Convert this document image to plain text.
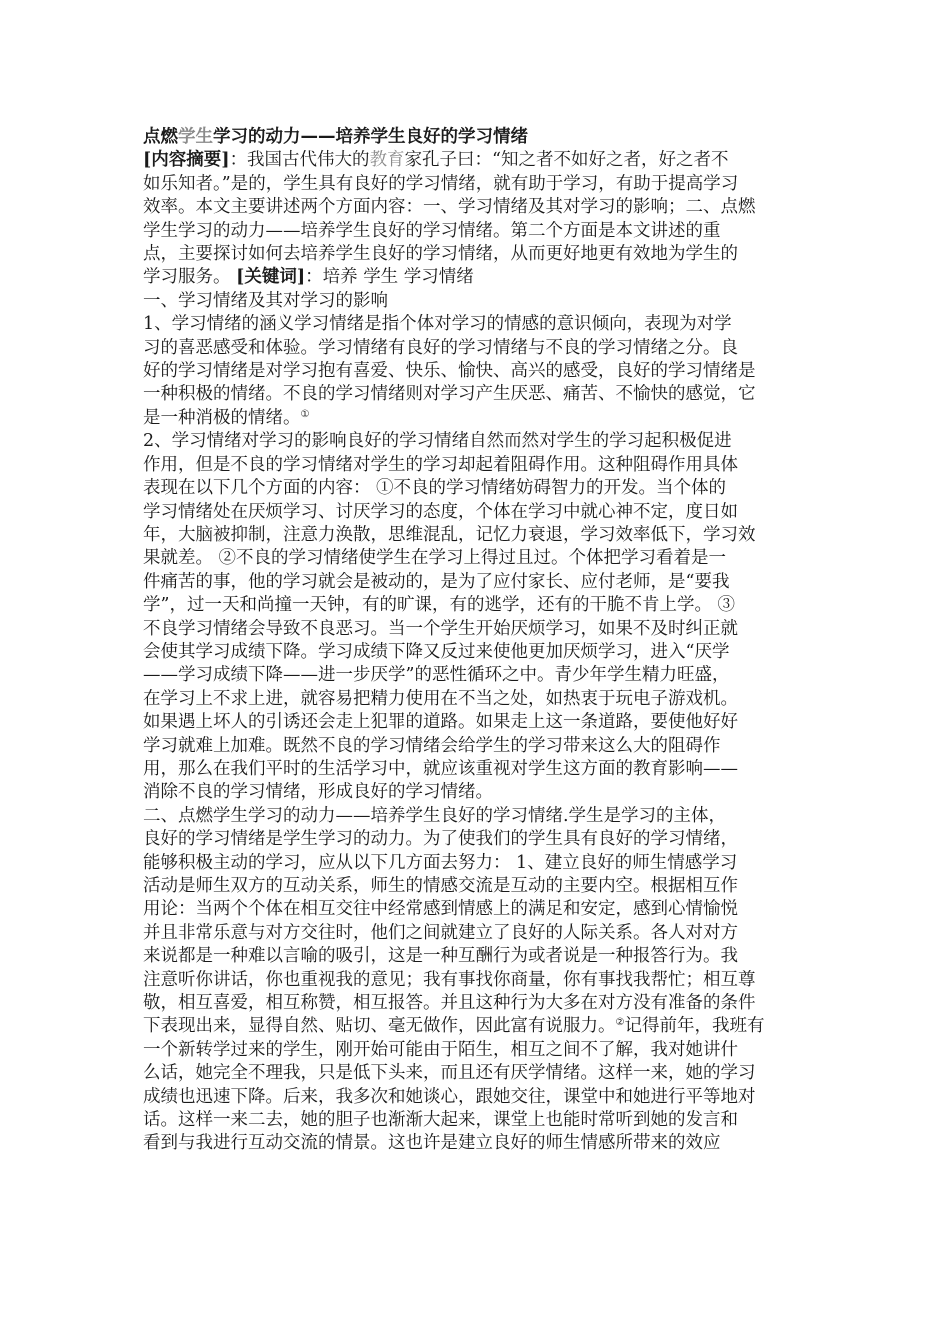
点燃学生学习的动力——培养学生良好的学习情绪
[内容摘要]：我国古代伟大的教育家孔子曰：“知之者不如好之者，好之者不
如乐知者。”是的，学生具有良好的学习情绪，就有助于学习，有助于提高学习
效率。本文主要讲述两个方面内容：一、学习情绪及其对学习的影响；二、点燃
学生学习的动力——培养学生良好的学习情绪。第二个方面是本文讲述的重
点，主要探讨如何去培养学生良好的学习情绪，从而更好地更有效地为学生的
学习服务。 [关键词]：培养 学生 学习情绪
一、学习情绪及其对学习的影响
1、学习情绪的涵义学习情绪是指个体对学习的情感的意识倾向，表现为对学
习的喜恶感受和体验。学习情绪有良好的学习情绪与不良的学习情绪之分。良
好的学习情绪是对学习抱有喜爱、快乐、愉快、高兴的感受，良好的学习情绪是
一种积极的情绪。不良的学习情绪则对学习产生厌恶、痛苦、不愉快的感觉，它
是一种消极的情绪。①
2、学习情绪对学习的影响良好的学习情绪自然而然对学生的学习起积极促进
作用，但是不良的学习情绪对学生的学习却起着阻碍作用。这种阻碍作用具体
表现在以下几个方面的内容： ①不良的学习情绪妨碍智力的开发。当个体的
学习情绪处在厌烦学习、讨厌学习的态度，个体在学习中就心神不定，度日如
年，大脑被抑制，注意力涣散，思维混乱，记忆力衰退，学习效率低下，学习效
果就差。 ②不良的学习情绪使学生在学习上得过且过。个体把学习看着是一
件痛苦的事，他的学习就会是被动的，是为了应付家长、应付老师，是“要我
学”，过一天和尚撞一天钟，有的旷课，有的逃学，还有的干脆不肯上学。 ③
不良学习情绪会导致不良恶习。当一个学生开始厌烦学习，如果不及时纠正就
会使其学习成绩下降。学习成绩下降又反过来使他更加厌烦学习，进入“厌学
——学习成绩下降——进一步厌学”的恶性循环之中。青少年学生精力旺盛，
在学习上不求上进，就容易把精力使用在不当之处，如热衷于玩电子游戏机。
如果遇上坏人的引诱还会走上犯罪的道路。如果走上这一条道路，要使他好好
学习就难上加难。既然不良的学习情绪会给学生的学习带来这么大的阻碍作
用，那么在我们平时的生活学习中，就应该重视对学生这方面的教育影响——
消除不良的学习情绪，形成良好的学习情绪。
二、点燃学生学习的动力——培养学生良好的学习情绪.学生是学习的主体，
良好的学习情绪是学生学习的动力。为了使我们的学生具有良好的学习情绪，
能够积极主动的学习，应从以下几方面去努力： 1、建立良好的师生情感学习
活动是师生双方的互动关系，师生的情感交流是互动的主要内空。根据相互作
用论：当两个个体在相互交往中经常感到情感上的满足和安定，感到心情愉悦
并且非常乐意与对方交往时，他们之间就建立了良好的人际关系。各人对对方
来说都是一种难以言喻的吸引，这是一种互酬行为或者说是一种报答行为。我
注意听你讲话，你也重视我的意见；我有事找你商量，你有事找我帮忙；相互尊
敬，相互喜爱，相互称赞，相互报答。并且这种行为大多在对方没有准备的条件
下表现出来，显得自然、贴切、毫无做作，因此富有说服力。②记得前年，我班有
一个新转学过来的学生，刚开始可能由于陌生，相互之间不了解，我对她讲什
么话，她完全不理我，只是低下头来，而且还有厌学情绪。这样一来，她的学习
成绩也迅速下降。后来，我多次和她谈心，跟她交往，课堂中和她进行平等地对
话。这样一来二去，她的胆子也渐渐大起来，课堂上也能时常听到她的发言和
看到与我进行互动交流的情景。这也许是建立良好的师生情感所带来的效应
